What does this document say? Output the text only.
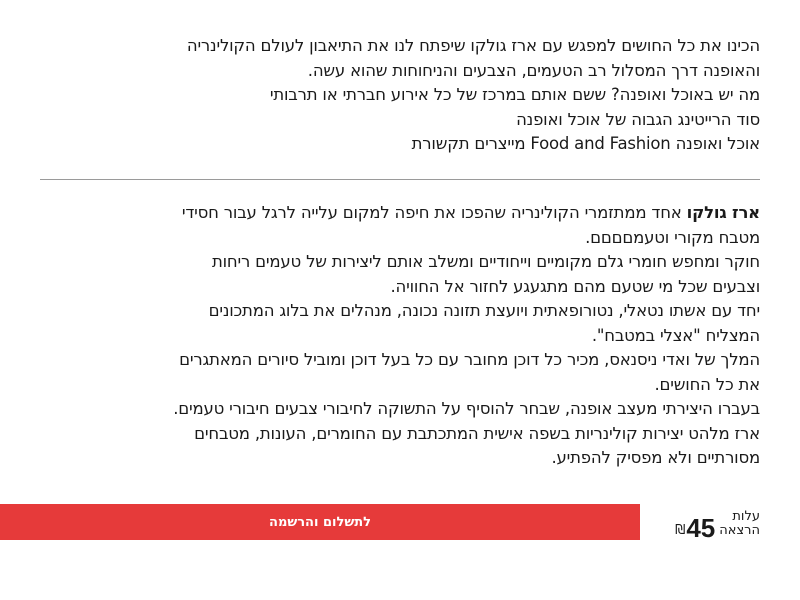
הכינו את כל החושים למפגש עם ארז גולקו שיפתח לנו את התיאבון לעולם הקולינריה
והאופנה דרך המסלול רב הטעמים, הצבעים והניחוחות שהוא עשה.
מה יש באוכל ואופנה? ששם אותם במרכז של כל אירוע חברתי או תרבותי
סוד הרייטינג הגבוה של אוכל ואופנה
אוכל ואופנה Food and Fashion מייצרים תקשורת
ארז גולקו אחד ממתזמרי הקולינריה שהפכו את חיפה למקום עלייה לרגל עבור חסידי
מטבח מקורי וטעמםםםם.
חוקר ומחפש חומרי גלם מקומיים וייחודיים ומשלב אותם ליצירות של טעמים ריחות
וצבעים שכל מי שטעם מהם מתגעגע לחזור אל החוויה.
יחד עם אשתו נטאלי, נטורופאתית ויועצת תזונה נכונה, מנהלים את בלוג המתכונים
המצליח "אצלי במטבח".
המלך של ואדי ניסנאס, מכיר כל דוכן מחובר עם כל בעל דוכן ומוביל סיורים המאתגרים
את כל החושים.
בעברו היצירתי מעצב אופנה, שבחר להוסיף על התשוקה לחיבורי צבעים חיבורי טעמים.
ארז מלהט יצירות קולינריות בשפה אישית המתכתבת עם החומרים, העונות, מטבחים
מסורתיים ולא מפסיק להפתיע.
לתשלום והרשמה	עלות
הרצאה
45
₪
